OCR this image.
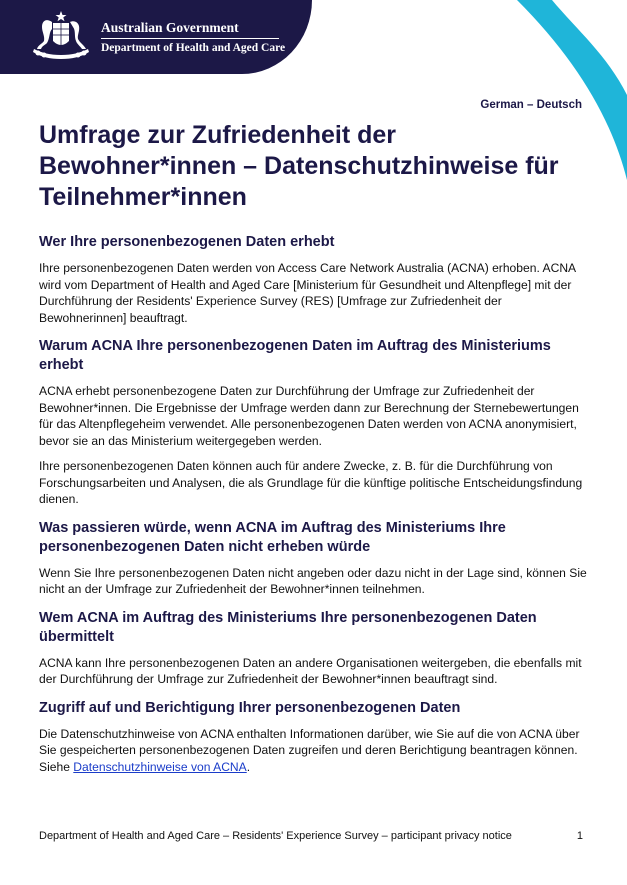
Australian Government
Department of Health and Aged Care
German – Deutsch
Umfrage zur Zufriedenheit der Bewohner*innen – Datenschutzhinweise für Teilnehmer*innen
Wer Ihre personenbezogenen Daten erhebt

Ihre personenbezogenen Daten werden von Access Care Network Australia (ACNA) erhoben. ACNA wird vom Department of Health and Aged Care [Ministerium für Gesundheit und Altenpflege] mit der Durchführung der Residents' Experience Survey (RES) [Umfrage zur Zufriedenheit der Bewohnerinnen] beauftragt.

Warum ACNA Ihre personenbezogenen Daten im Auftrag des Ministeriums erhebt

ACNA erhebt personenbezogene Daten zur Durchführung der Umfrage zur Zufriedenheit der Bewohner*innen. Die Ergebnisse der Umfrage werden dann zur Berechnung der Sternebewertungen für das Altenpflegeheim verwendet. Alle personenbezogenen Daten werden von ACNA anonymisiert, bevor sie an das Ministerium weitergegeben werden.

Ihre personenbezogenen Daten können auch für andere Zwecke, z. B. für die Durchführung von Forschungsarbeiten und Analysen, die als Grundlage für die künftige politische Entscheidungsfindung dienen.

Was passieren würde, wenn ACNA im Auftrag des Ministeriums Ihre personenbezogenen Daten nicht erheben würde

Wenn Sie Ihre personenbezogenen Daten nicht angeben oder dazu nicht in der Lage sind, können Sie nicht an der Umfrage zur Zufriedenheit der Bewohner*innen teilnehmen.

Wem ACNA im Auftrag des Ministeriums Ihre personenbezogenen Daten übermittelt

ACNA kann Ihre personenbezogenen Daten an andere Organisationen weitergeben, die ebenfalls mit der Durchführung der Umfrage zur Zufriedenheit der Bewohner*innen beauftragt sind.

Zugriff auf und Berichtigung Ihrer personenbezogenen Daten

Die Datenschutzhinweise von ACNA enthalten Informationen darüber, wie Sie auf die von ACNA über Sie gespeicherten personenbezogenen Daten zugreifen und deren Berichtigung beantragen können. Siehe Datenschutzhinweise von ACNA.

Department of Health and Aged Care – Residents' Experience Survey – participant privacy notice	1
